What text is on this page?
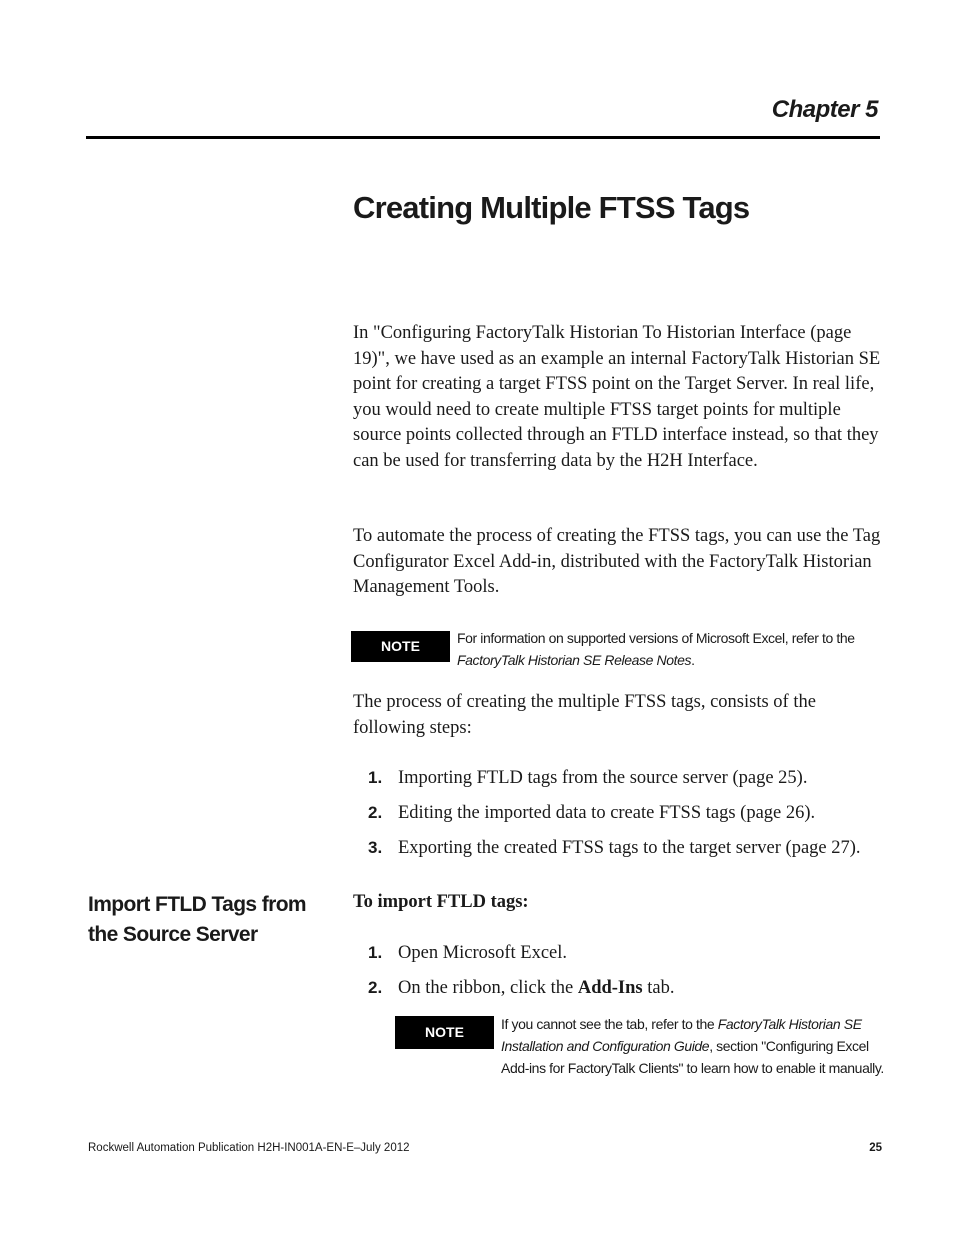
Chapter 5
Creating Multiple FTSS Tags

In "Configuring FactoryTalk Historian To Historian Interface (page 19)", we have used as an example an internal FactoryTalk Historian SE point for creating a target FTSS point on the Target Server. In real life, you would need to create multiple FTSS target points for multiple source points collected through an FTLD interface instead, so that they can be used for transferring data by the H2H Interface.

To automate the process of creating the FTSS tags, you can use the Tag Configurator Excel Add-in, distributed with the FactoryTalk Historian Management Tools.

NOTE	For information on supported versions of Microsoft Excel, refer to the FactoryTalk Historian SE Release Notes.

The process of creating the multiple FTSS tags, consists of the following steps:

1. Importing FTLD tags from the source server (page 25).
2. Editing the imported data to create FTSS tags (page 26).
3. Exporting the created FTSS tags to the target server (page 27).
Import FTLD Tags from the Source Server
To import FTLD tags:
1. Open Microsoft Excel.
2. On the ribbon, click the Add-Ins tab.
NOTE	If you cannot see the tab, refer to the FactoryTalk Historian SE Installation and Configuration Guide, section "Configuring Excel Add-ins for FactoryTalk Clients" to learn how to enable it manually.
Rockwell Automation Publication H2H-IN001A-EN-E–July 2012	25
